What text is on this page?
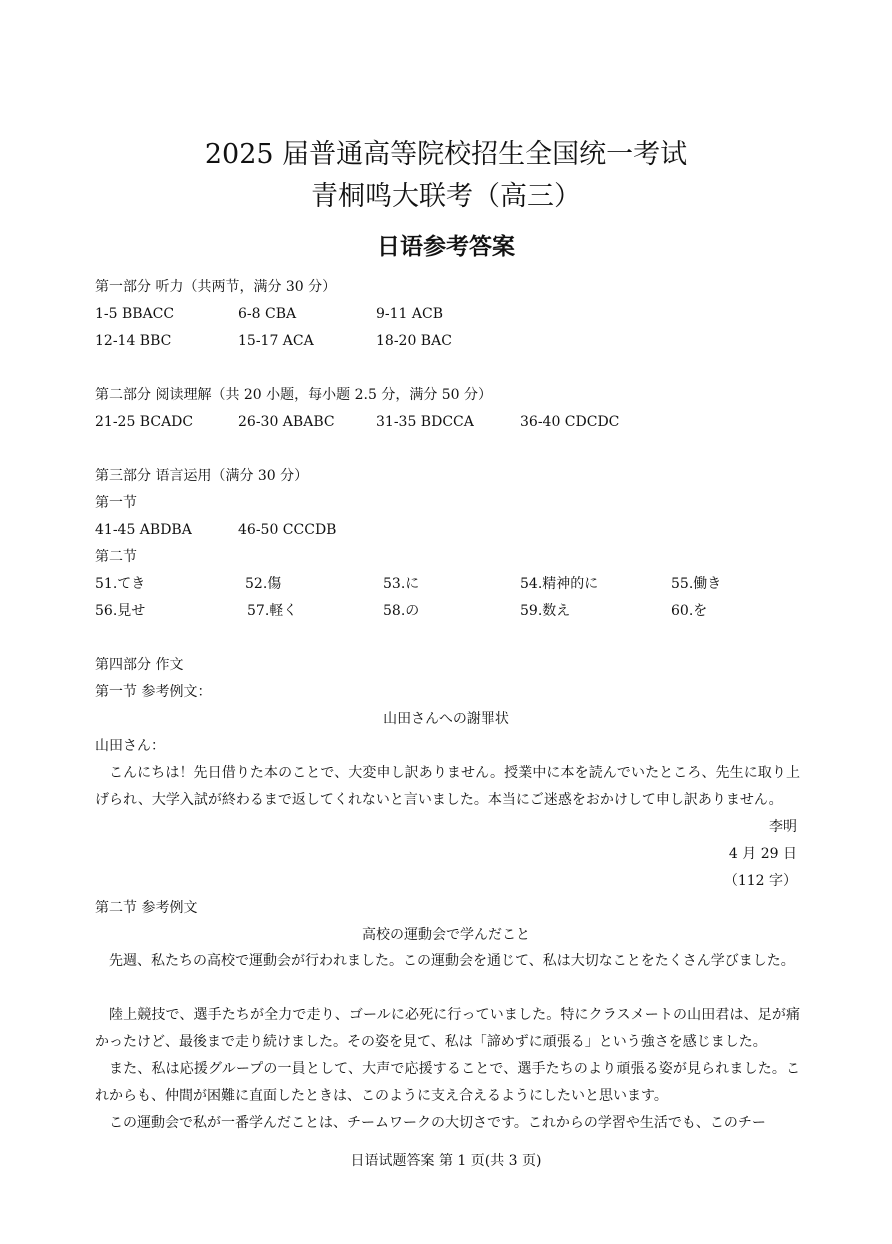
2025 届普通高等院校招生全国统一考试
青桐鸣大联考（高三）
日语参考答案
第一部分 听力（共两节，满分 30 分）
1-5 BBACC	6-8 CBA	9-11 ACB
12-14 BBC	15-17 ACA	18-20 BAC
第二部分 阅读理解（共 20 小题，每小题 2.5 分，满分 50 分）
21-25 BCADC	26-30 ABABC	31-35 BDCCA	36-40 CDCDC
第三部分 语言运用（满分 30 分）
第一节
41-45 ABDBA	46-50 CCCDB
第二节
51.てき	52.傷	53.に	54.精神的に	55.働き
56.見せ	57.軽く	58.の	59.数え	60.を
第四部分 作文
第一节 参考例文：
山田さんへの謝罪状
山田さん：
こんにちは！先日借りた本のことで、大変申し訳ありません。授業中に本を読んでいたところ、先生に取り上げられ、大学入試が終わるまで返してくれないと言いました。本当にご迷惑をおかけして申し訳ありません。
李明
4 月 29 日
（112 字）
第二节 参考例文
高校の運動会で学んだこと
先週、私たちの高校で運動会が行われました。この運動会を通じて、私は大切なことをたくさん学びました。
陸上競技で、選手たちが全力で走り、ゴールに必死に行っていました。特にクラスメートの山田君は、足が痛かったけど、最後まで走り続けました。その姿を見て、私は「諦めずに頑張る」という強さを感じました。
また、私は応援グループの一員として、大声で応援することで、選手たちのより頑張る姿が見られました。これからも、仲間が困難に直面したときは、このように支え合えるようにしたいと思います。
この運動会で私が一番学んだことは、チームワークの大切さです。これからの学習や生活でも、このチー
日语试题答案 第 1 页(共 3 页)
